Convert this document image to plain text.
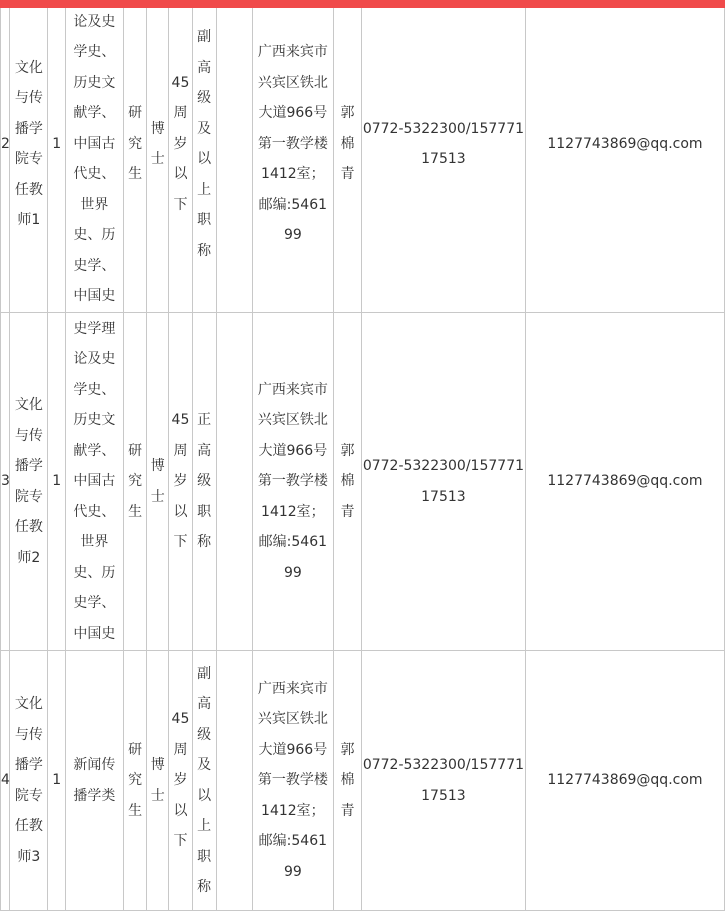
2	文化与传播学院专任教师1	1	论及史学史、历史文献学、中国古代史、世界史、历史学、中国史	研究生	博士	45周岁以下	副高级及以上职称		广西来宾市兴宾区铁北大道966号第一教学楼1412室；邮编:546199	郭棉青	0772-5322300/15777117513	1127743869@qq.com

3	文化与传播学院专任教师2	1	史学理论及史学史、历史文献学、中国古代史、世界史、历史学、中国史	研究生	博士	45周岁以下	正高级职称		广西来宾市兴宾区铁北大道966号第一教学楼1412室；邮编:546199	郭棉青	0772-5322300/15777117513	1127743869@qq.com

4	文化与传播学院专任教师3	1	新闻传播学类	研究生	博士	45周岁以下	副高级及以上职称		广西来宾市兴宾区铁北大道966号第一教学楼1412室；邮编:546199	郭棉青	0772-5322300/15777117513	1127743869@qq.com
